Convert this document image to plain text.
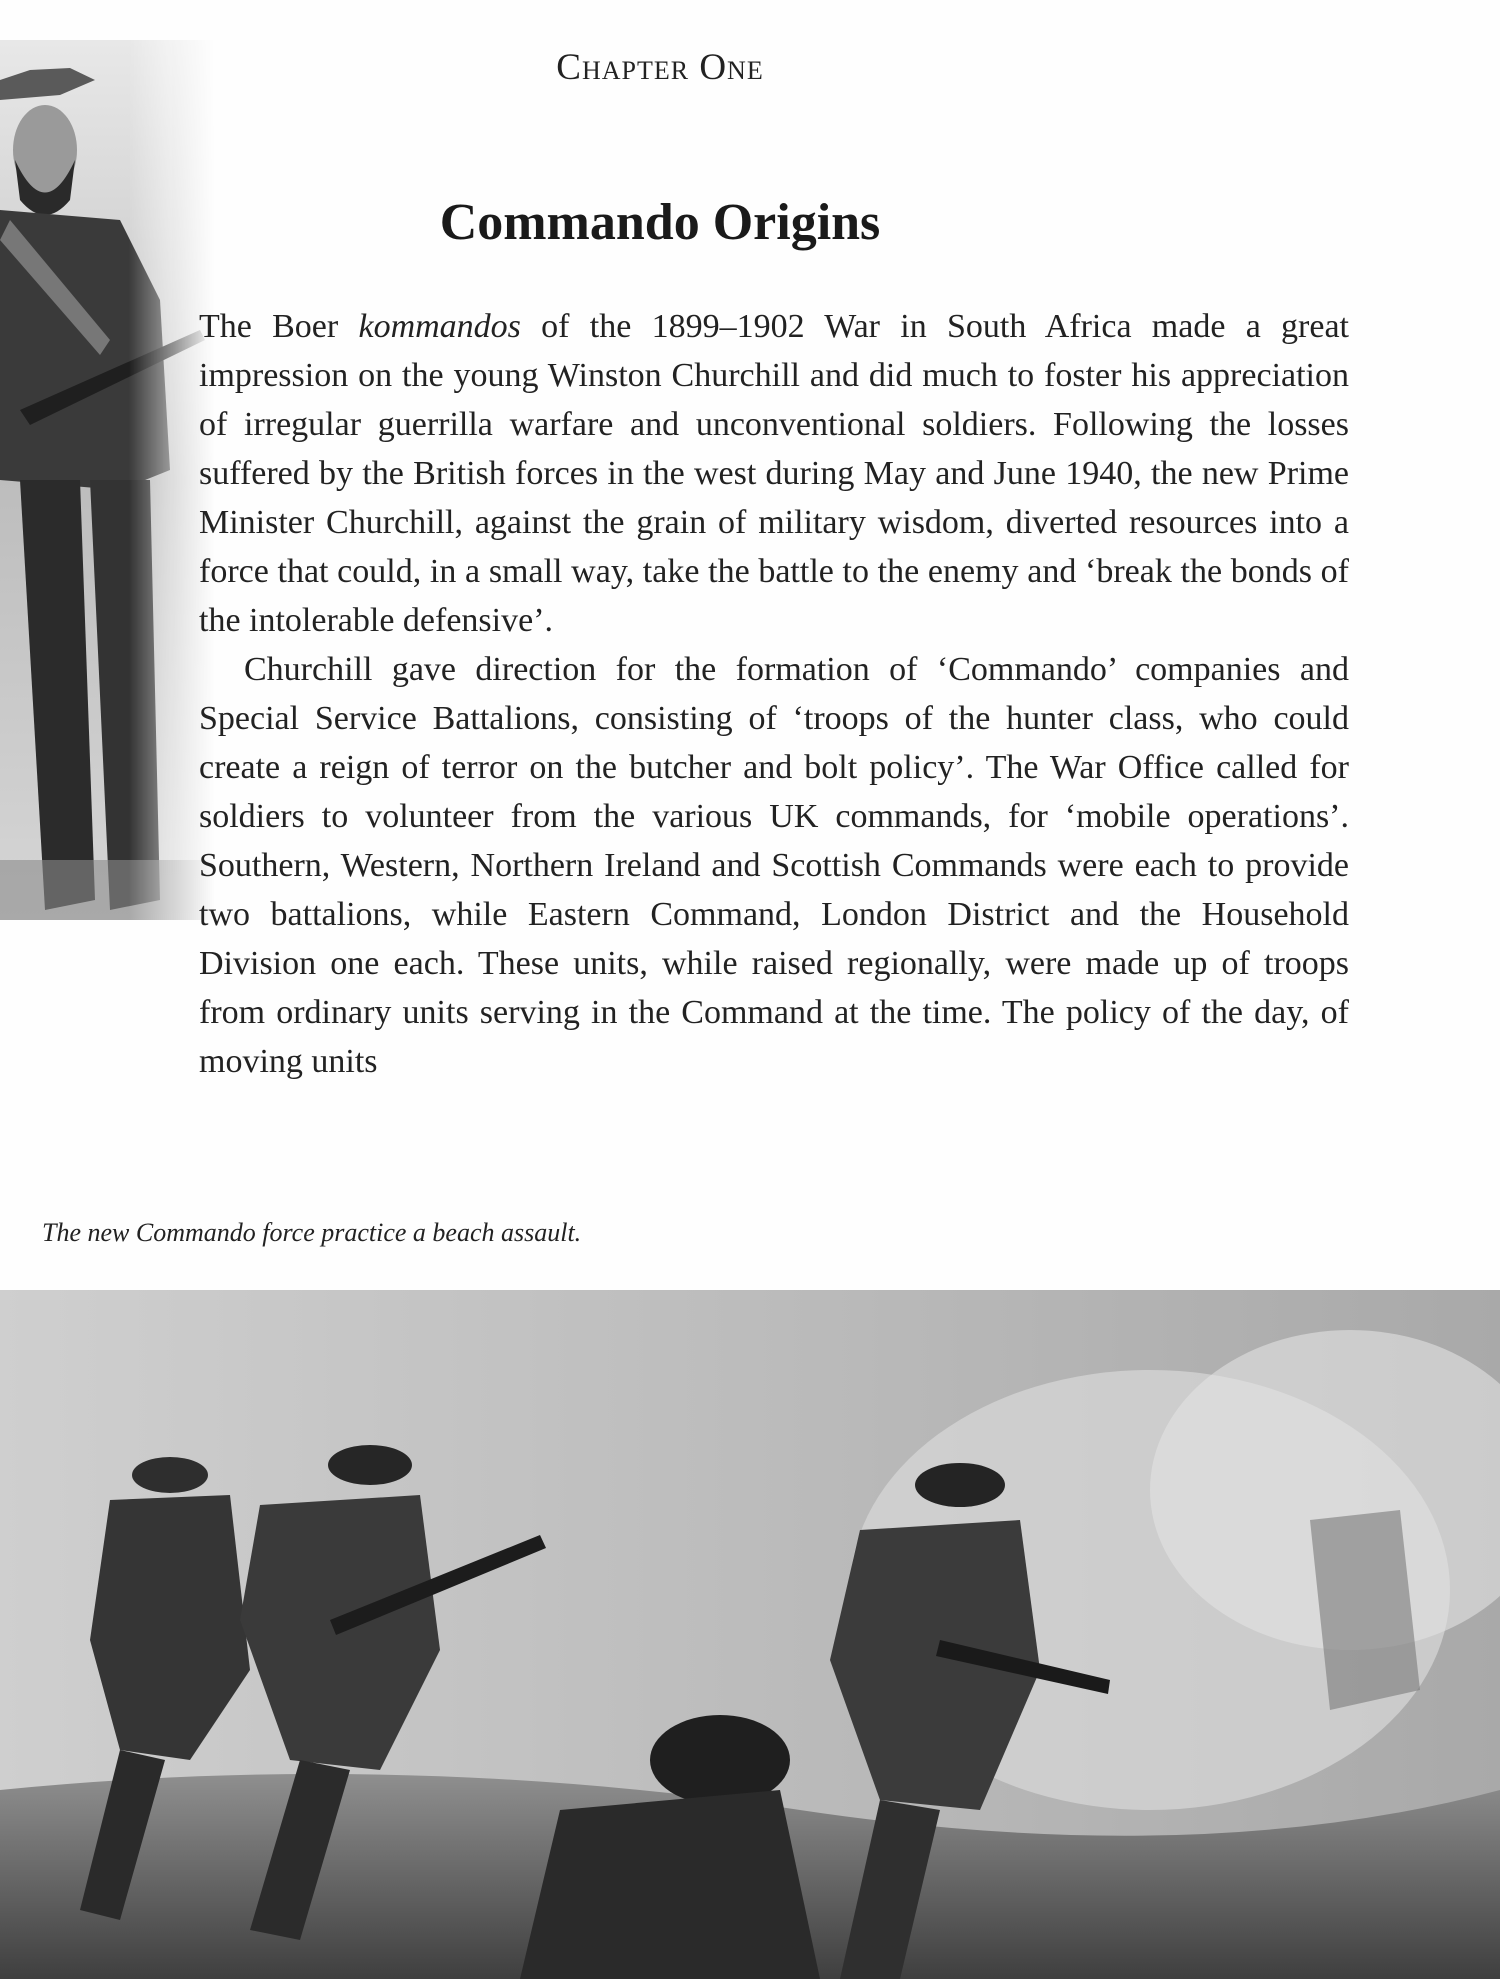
Chapter One
Commando Origins

The Boer kommandos of the 1899–1902 War in South Africa made a great impression on the young Winston Churchill and did much to foster his appreciation of irregular guerrilla warfare and unconventional soldiers. Following the losses suffered by the British forces in the west during May and June 1940, the new Prime Minister Churchill, against the grain of military wisdom, diverted resources into a force that could, in a small way, take the battle to the enemy and ‘break the bonds of the intolerable defensive’.

Churchill gave direction for the formation of ‘Commando’ companies and Special Service Battalions, consisting of ‘troops of the hunter class, who could create a reign of terror on the butcher and bolt policy’. The War Office called for soldiers to volunteer from the various UK commands, for ‘mobile operations’. Southern, Western, Northern Ireland and Scottish Commands were each to provide two battalions, while Eastern Command, London District and the Household Division one each. These units, while raised regionally, were made up of troops from ordinary units serving in the Command at the time. The policy of the day, of moving units

The new Commando force practice a beach assault.
